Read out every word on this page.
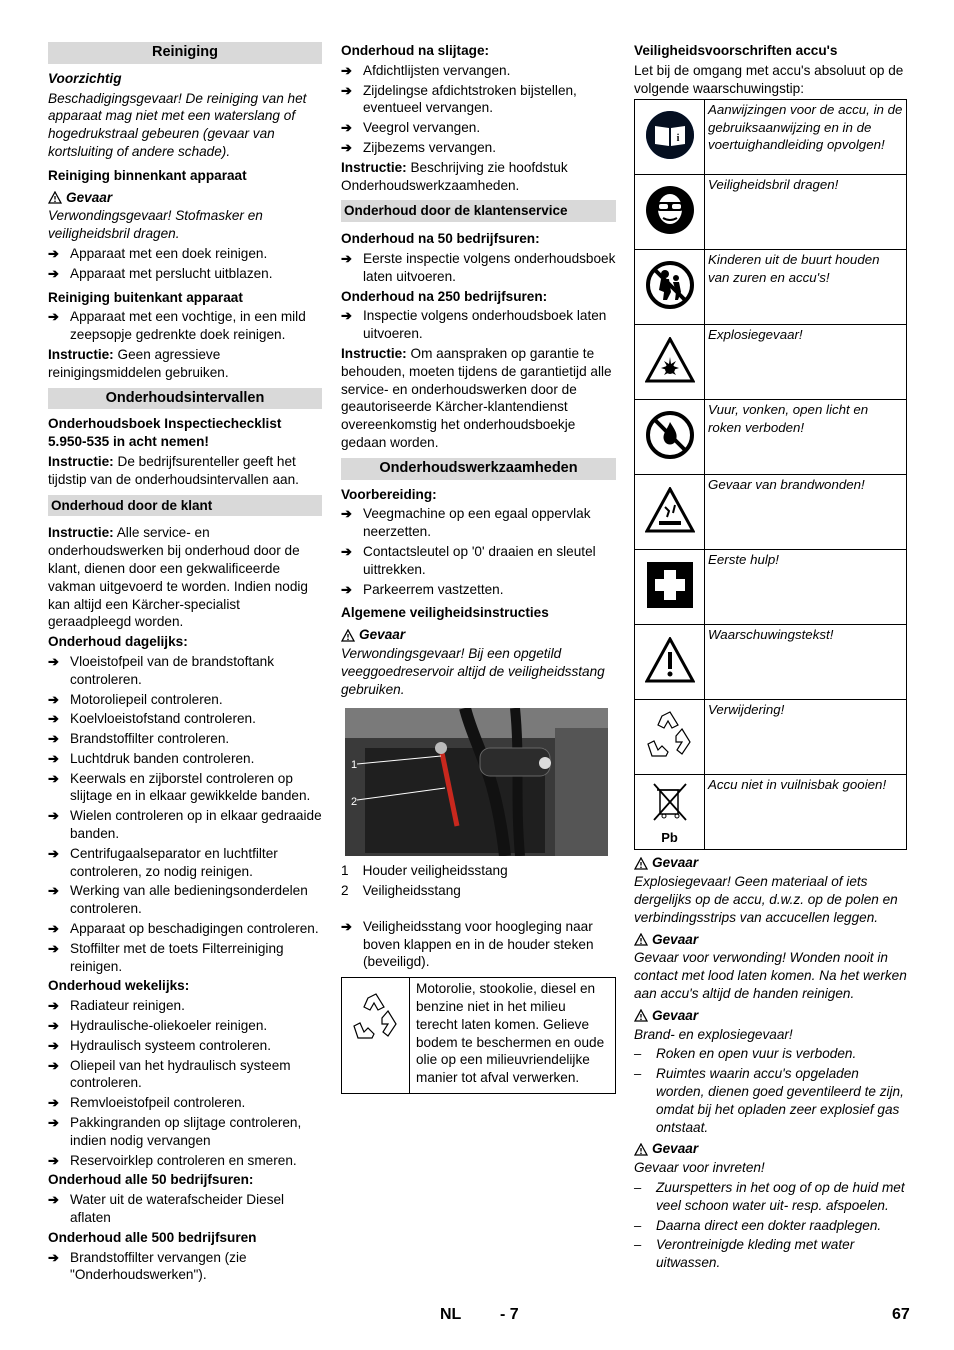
Reiniging
Voorzichtig
Beschadigingsgevaar! De reiniging van het apparaat mag niet met een waterslang of hogedrukstraal gebeuren (gevaar van kortsluiting of andere schade).
Reiniging binnenkant apparaat
Gevaar
Verwondingsgevaar! Stofmasker en veiligheidsbril dragen.
➔ Apparaat met een doek reinigen.
➔ Apparaat met perslucht uitblazen.
Reiniging buitenkant apparaat
➔ Apparaat met een vochtige, in een mild zeepsopje gedrenkte doek reinigen.
Instructie: Geen agressieve reinigingsmiddelen gebruiken.
Onderhoudsintervallen
Onderhoudsboek Inspectiechecklist 5.950-535 in acht nemen!
Instructie: De bedrijfsurenteller geeft het tijdstip van de onderhoudsintervallen aan.
Onderhoud door de klant
Instructie: Alle service- en onderhoudswerken bij onderhoud door de klant, dienen door een gekwalificeerde vakman uitgevoerd te worden. Indien nodig kan altijd een Kärcher-specialist geraadpleegd worden.
Onderhoud dagelijks:
➔ Vloeistofpeil van de brandstoftank controleren.
➔ Motoroliepeil controleren.
➔ Koelvloeistofstand controleren.
➔ Brandstoffilter controleren.
➔ Luchtdruk banden controleren.
➔ Keerwals en zijborstel controleren op slijtage en in elkaar gewikkelde banden.
➔ Wielen controleren op in elkaar gedraaide banden.
➔ Centrifugaalseparator en luchtfilter controleren, zo nodig reinigen.
➔ Werking van alle bedieningsonderdelen controleren.
➔ Apparaat op beschadigingen controleren.
➔ Stoffilter met de toets Filterreiniging reinigen.
Onderhoud wekelijks:
➔ Radiateur reinigen.
➔ Hydraulische-oliekoeler reinigen.
➔ Hydraulisch systeem controleren.
➔ Oliepeil van het hydraulisch systeem controleren.
➔ Remvloeistofpeil controleren.
➔ Pakkingranden op slijtage controleren, indien nodig vervangen
➔ Reservoirklep controleren en smeren.
Onderhoud alle 50 bedrijfsuren:
➔ Water uit de waterafscheider Diesel aflaten
Onderhoud alle 500 bedrijfsuren
➔ Brandstoffilter vervangen (zie "Onderhoudswerken").
Onderhoud na slijtage:
➔ Afdichtlijsten vervangen.
➔ Zijdelingse afdichtstroken bijstellen, eventueel vervangen.
➔ Veegrol vervangen.
➔ Zijbezems vervangen.
Instructie: Beschrijving zie hoofdstuk Onderhoudswerkzaamheden.
Onderhoud door de klantenservice
Onderhoud na 50 bedrijfsuren:
➔ Eerste inspectie volgens onderhoudsboek laten uitvoeren.
Onderhoud na 250 bedrijfsuren:
➔ Inspectie volgens onderhoudsboek laten uitvoeren.
Instructie: Om aanspraken op garantie te behouden, moeten tijdens de garantietijd alle service- en onderhoudswerken door de geautoriseerde Kärcher-klantendienst overeenkomstig het onderhoudsboekje gedaan worden.
Onderhoudswerkzaamheden
Voorbereiding:
➔ Veegmachine op een egaal oppervlak neerzetten.
➔ Contactsleutel op '0' draaien en sleutel uittrekken.
➔ Parkeerrem vastzetten.
Algemene veiligheidsinstructies
Gevaar
Verwondingsgevaar! Bij een opgetild veeggoedreservoir altijd de veiligheidsstang gebruiken.
1
2
1 Houder veiligheidsstang
2 Veiligheidsstang
➔ Veiligheidsstang voor hoogleging naar boven klappen en in de houder steken (beveiligd).
Motorolie, stookolie, diesel en benzine niet in het milieu terecht laten komen. Gelieve bodem te beschermen en oude olie op een milieuvriendelijke manier tot afval verwerken.
Veiligheidsvoorschriften accu's
Let bij de omgang met accu's absoluut op de volgende waarschuwingstip:
i	Aanwijzingen voor de accu, in de gebruiksaanwijzing en in de voertuighandleiding opvolgen!
	Veiligheidsbril dragen!
	Kinderen uit de buurt houden van zuren en accu's!
	Explosiegevaar!
	Vuur, vonken, open licht en roken verboden!
	Gevaar van brandwonden!
	Eerste hulp!
	Waarschuwingstekst!
	Verwijdering!

Pb	Accu niet in vuilnisbak gooien!
Gevaar
Explosiegevaar! Geen materiaal of iets dergelijks op de accu, d.w.z. op de polen en verbindingsstrips van accucellen leggen.
Gevaar
Gevaar voor verwonding! Wonden nooit in contact met lood laten komen. Na het werken aan accu's altijd de handen reinigen.
Gevaar
Brand- en explosiegevaar!
– Roken en open vuur is verboden.
– Ruimtes waarin accu's opgeladen worden, dienen goed geventileerd te zijn, omdat bij het opladen zeer explosief gas ontstaat.
Gevaar
Gevaar voor invreten!
– Zuurspetters in het oog of op de huid met veel schoon water uit- resp. afspoelen.
– Daarna direct een dokter raadplegen.
– Verontreinigde kleding met water uitwassen.
NL - 7	67
